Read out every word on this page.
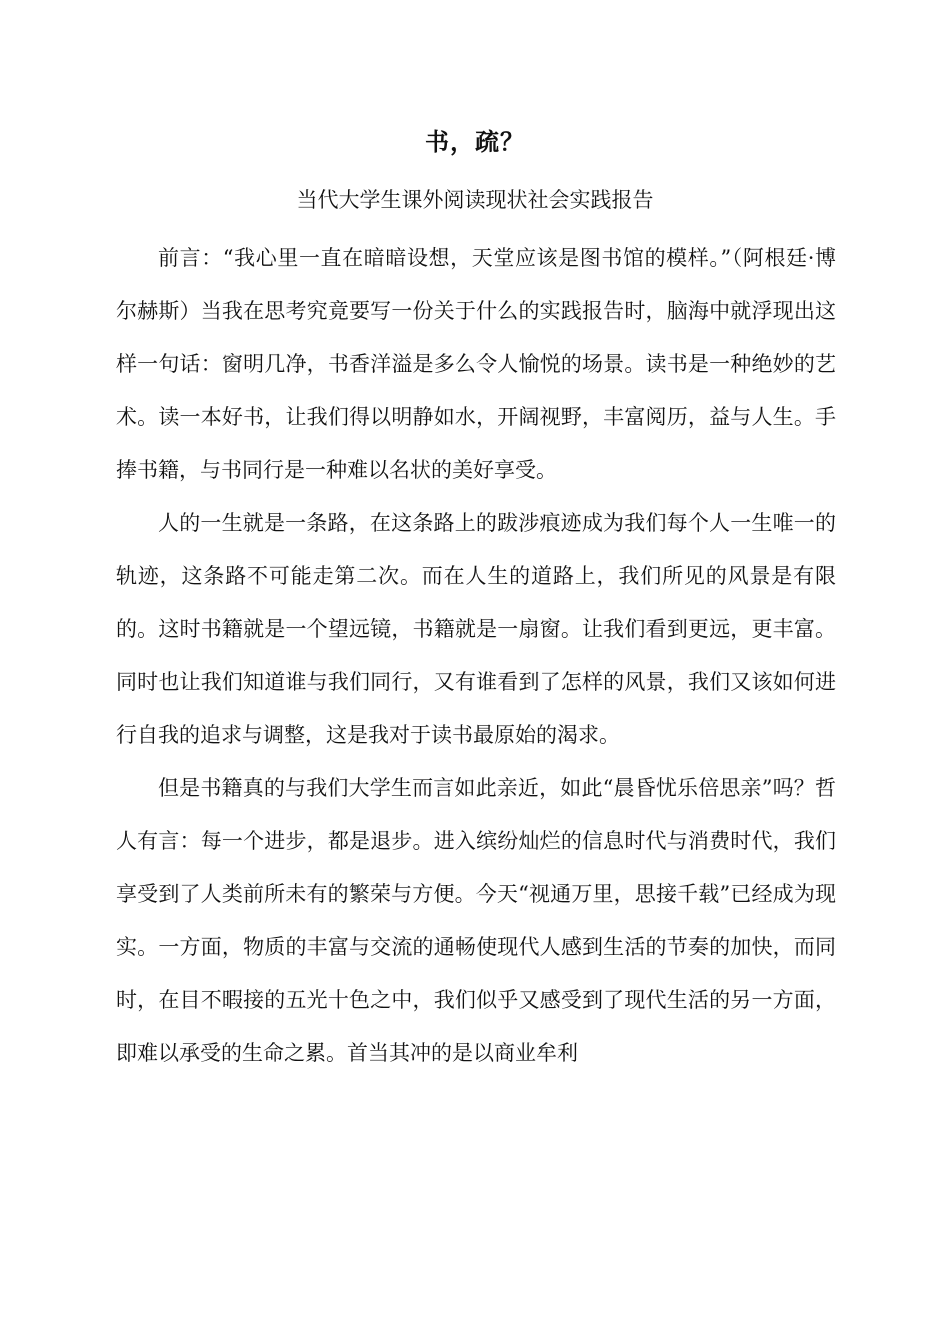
书，疏？
当代大学生课外阅读现状社会实践报告

前言：“我心里一直在暗暗设想，天堂应该是图书馆的模样。”（阿根廷·博尔赫斯）当我在思考究竟要写一份关于什么的实践报告时，脑海中就浮现出这样一句话：窗明几净，书香洋溢是多么令人愉悦的场景。读书是一种绝妙的艺术。读一本好书，让我们得以明静如水，开阔视野，丰富阅历，益与人生。手捧书籍，与书同行是一种难以名状的美好享受。

人的一生就是一条路，在这条路上的跋涉痕迹成为我们每个人一生唯一的轨迹，这条路不可能走第二次。而在人生的道路上，我们所见的风景是有限的。这时书籍就是一个望远镜，书籍就是一扇窗。让我们看到更远，更丰富。同时也让我们知道谁与我们同行，又有谁看到了怎样的风景，我们又该如何进行自我的追求与调整，这是我对于读书最原始的渴求。

但是书籍真的与我们大学生而言如此亲近，如此“晨昏忧乐倍思亲”吗？哲人有言：每一个进步，都是退步。进入缤纷灿烂的信息时代与消费时代，我们享受到了人类前所未有的繁荣与方便。今天“视通万里，思接千载”已经成为现实。一方面，物质的丰富与交流的通畅使现代人感到生活的节奏的加快，而同时，在目不暇接的五光十色之中，我们似乎又感受到了现代生活的另一方面，即难以承受的生命之累。首当其冲的是以商业牟利
